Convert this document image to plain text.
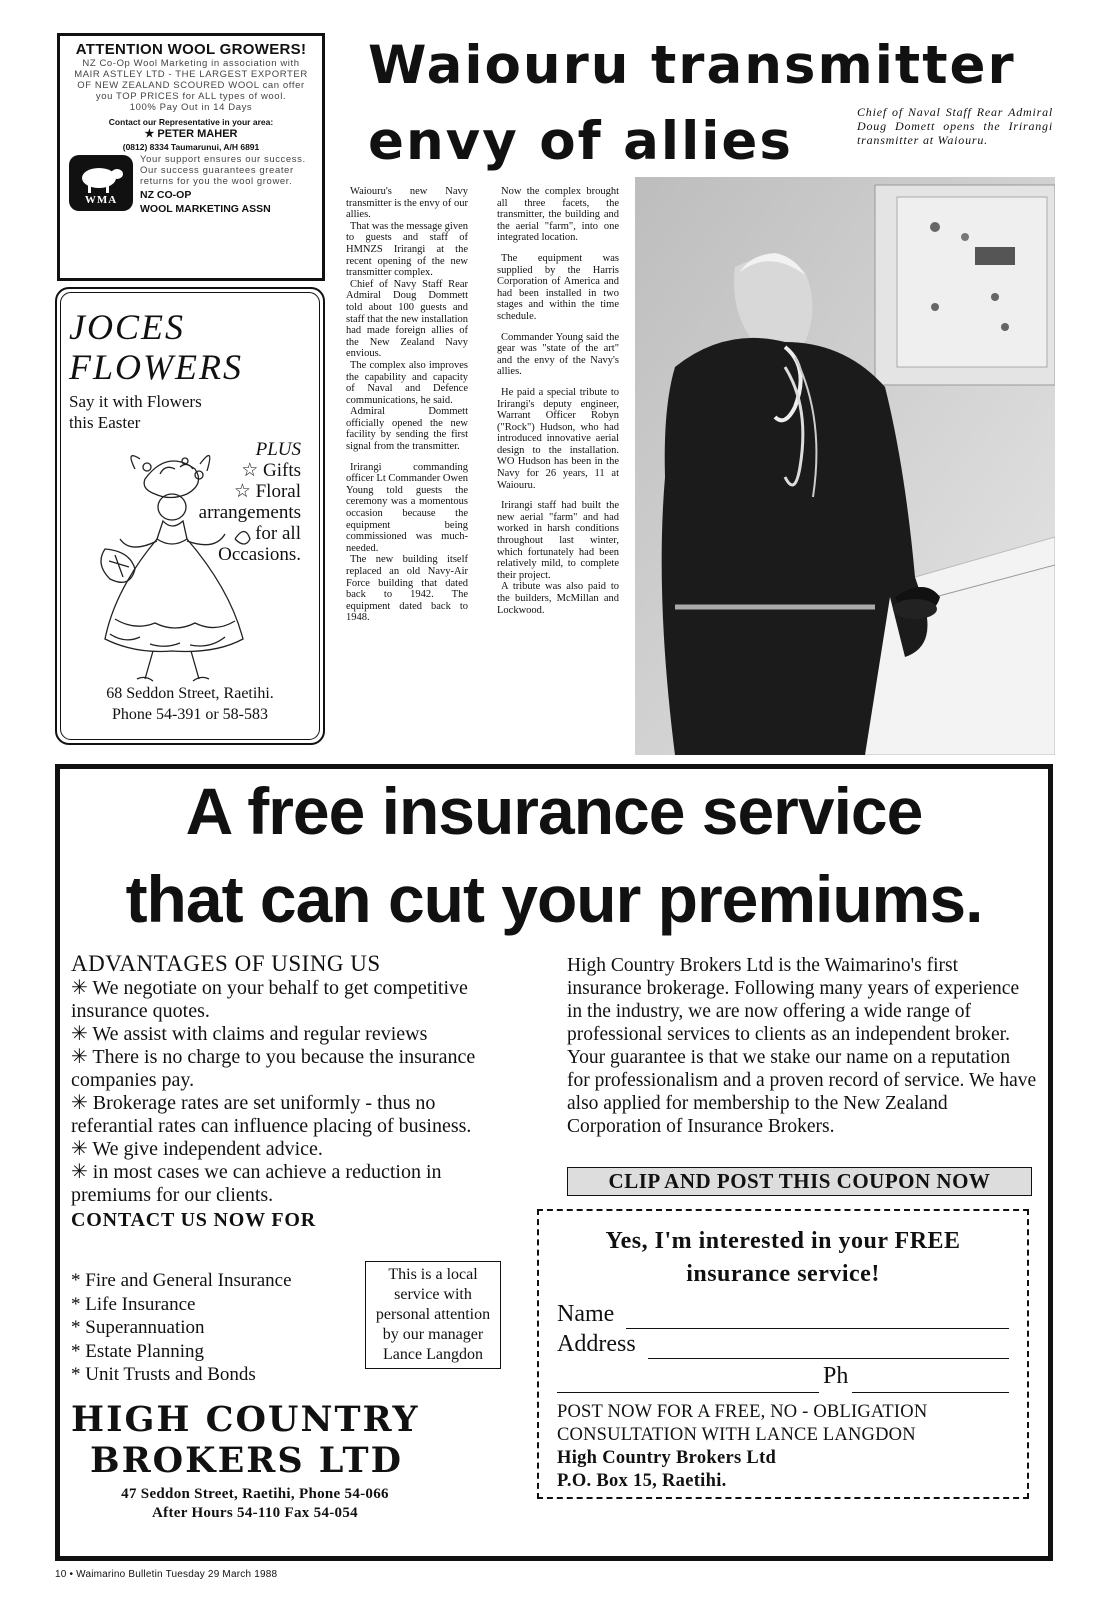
ATTENTION WOOL GROWERS!
NZ Co-Op Wool Marketing in association with MAIR ASTLEY LTD - THE LARGEST EXPORTER OF NEW ZEALAND SCOURED WOOL can offer you TOP PRICES for ALL types of wool.
100% Pay Out in 14 Days
Contact our Representative in your area:
★ PETER MAHER
(0812) 8334 Taumarunui, A/H 6891
WMA
Your support ensures our success. Our success guarantees greater returns for you the wool grower.
NZ CO-OP
WOOL MARKETING ASSN
JOCES
FLOWERS
Say it with Flowers
this Easter
PLUS
☆ Gifts
☆ Floral
arrangements
for all
Occasions.
68 Seddon Street, Raetihi.
Phone 54-391 or 58-583
Waiouru transmitter
envy of allies	Chief of Naval Staff Rear Admiral Doug Domett opens the Irirangi transmitter at Waiouru.

Waiouru's new Navy transmitter is the envy of our allies.

That was the message given to guests and staff of HMNZS Irirangi at the recent opening of the new transmitter complex.

Chief of Navy Staff Rear Admiral Doug Dommett told about 100 guests and staff that the new installation had made foreign allies of the New Zealand Navy envious.

The complex also improves the capability and capacity of Naval and Defence communications, he said.

Admiral Dommett officially opened the new facility by sending the first signal from the transmitter.

Irirangi commanding officer Lt Commander Owen Young told guests the ceremony was a momentous occasion because the equipment being commissioned was much-needed.

The new building itself replaced an old Navy-Air Force building that dated back to 1942. The equipment dated back to 1948.

Now the complex brought all three facets, the transmitter, the building and the aerial "farm", into one integrated location.

The equipment was supplied by the Harris Corporation of America and had been installed in two stages and within the time schedule.

Commander Young said the gear was "state of the art" and the envy of the Navy's allies.

He paid a special tribute to Irirangi's deputy engineer, Warrant Officer Robyn ("Rock") Hudson, who had introduced innovative aerial design to the installation. WO Hudson has been in the Navy for 26 years, 11 at Waiouru.

Irirangi staff had built the new aerial "farm" and had worked in harsh conditions throughout last winter, which fortunately had been relatively mild, to complete their project.

A tribute was also paid to the builders, McMillan and Lockwood.

A free insurance service
that can cut your premiums.
ADVANTAGES OF USING US
✳ We negotiate on your behalf to get competitive insurance quotes.
✳ We assist with claims and regular reviews
✳ There is no charge to you because the insurance companies pay.
✳ Brokerage rates are set uniformly - thus no referantial rates can influence placing of business.
✳ We give independent advice.
✳ in most cases we can achieve a reduction in premiums for our clients.
CONTACT US NOW FOR
* Fire and General Insurance
* Life Insurance
* Superannuation
* Estate Planning
* Unit Trusts and Bonds
This is a local service with personal attention by our manager Lance Langdon
HIGH COUNTRY
BROKERS LTD
47 Seddon Street, Raetihi, Phone 54-066
After Hours 54-110 Fax 54-054
High Country Brokers Ltd is the Waimarino's first insurance brokerage. Following many years of experience in the industry, we are now offering a wide range of professional services to clients as an independent broker. Your guarantee is that we stake our name on a reputation for professionalism and a proven record of service. We have also applied for membership to the New Zealand Corporation of Insurance Brokers.
CLIP AND POST THIS COUPON NOW
Yes, I'm interested in your FREE
insurance service!
Name
Address
Ph
POST NOW FOR A FREE, NO - OBLIGATION
CONSULTATION WITH LANCE LANGDON
High Country Brokers Ltd
P.O. Box 15, Raetihi.
10 • Waimarino Bulletin Tuesday 29 March 1988
